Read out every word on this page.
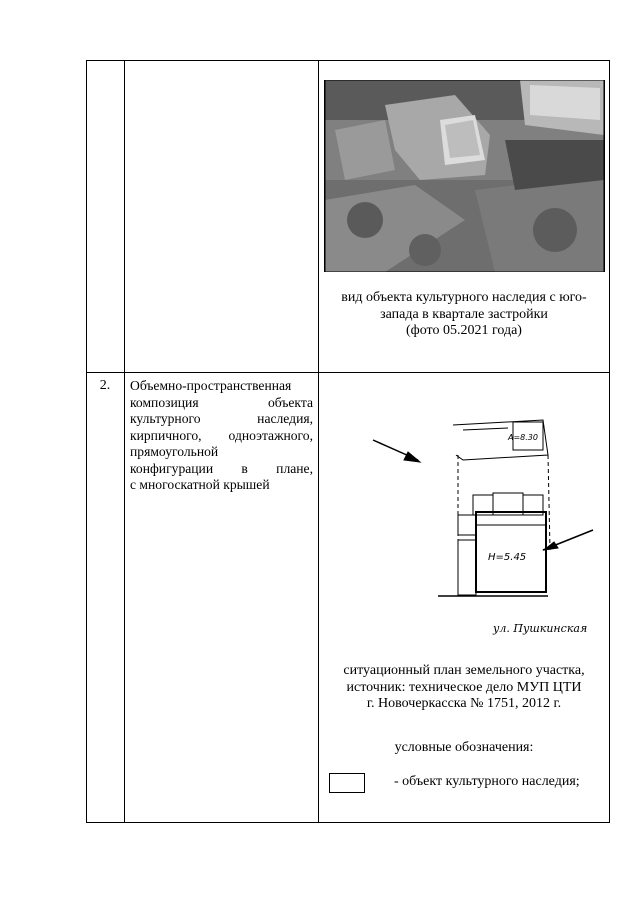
вид объекта культурного наследия с юго-
запада в квартале застройки
(фото 05.2021 года)
2.	Объемно-пространственная
композиция объекта
культурного наследия,
кирпичного, одноэтажного,
прямоугольной
конфигурации в плане,
с многоскатной крышей
Н=5.45
А=8.30
ул. Пушкинская
ситуационный план земельного участка,
источник: техническое дело МУП ЦТИ
г. Новочеркасска № 1751, 2012 г.
условные обозначения:
- объект культурного наследия;
